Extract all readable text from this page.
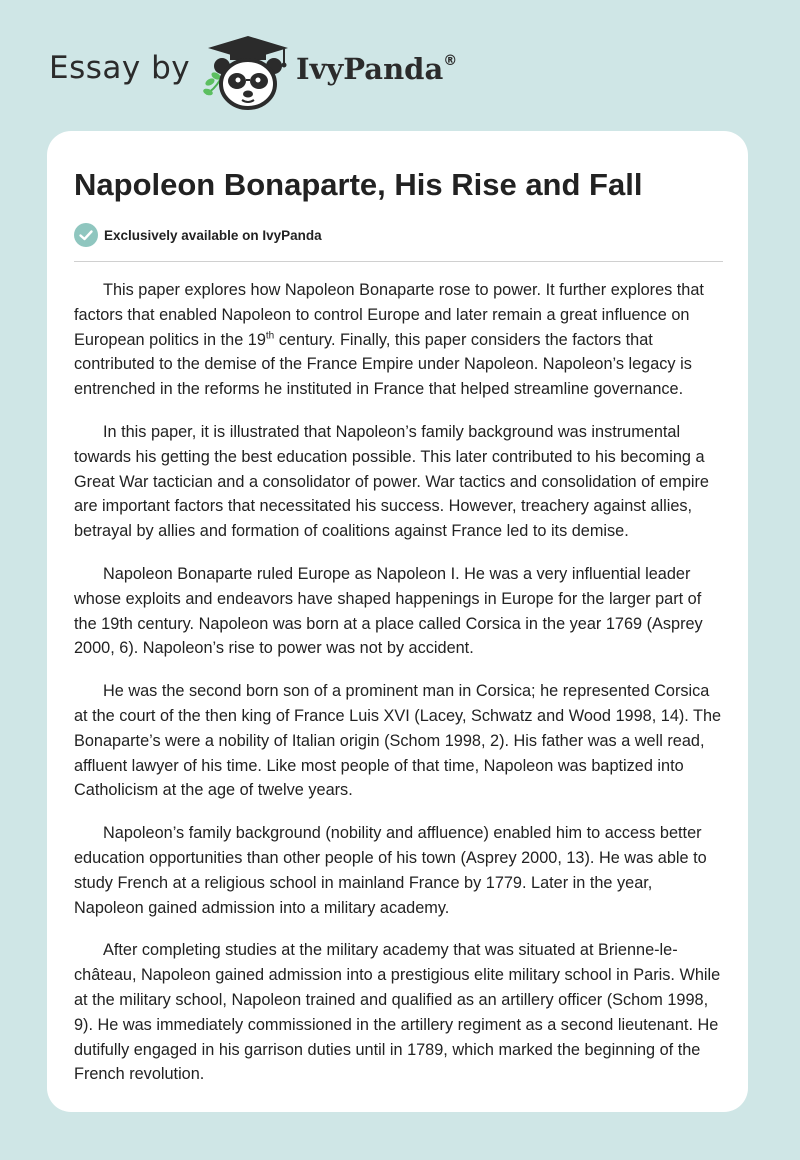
Essay by	IvyPanda®
Napoleon Bonaparte, His Rise and Fall
Exclusively available on IvyPanda

This paper explores how Napoleon Bonaparte rose to power. It further explores that factors that enabled Napoleon to control Europe and later remain a great influence on European politics in the 19th century. Finally, this paper considers the factors that contributed to the demise of the France Empire under Napoleon. Napoleon’s legacy is entrenched in the reforms he instituted in France that helped streamline governance.

In this paper, it is illustrated that Napoleon’s family background was instrumental towards his getting the best education possible. This later contributed to his becoming a Great War tactician and a consolidator of power. War tactics and consolidation of empire are important factors that necessitated his success. However, treachery against allies, betrayal by allies and formation of coalitions against France led to its demise.

Napoleon Bonaparte ruled Europe as Napoleon I. He was a very influential leader whose exploits and endeavors have shaped happenings in Europe for the larger part of the 19th century. Napoleon was born at a place called Corsica in the year 1769 (Asprey 2000, 6). Napoleon’s rise to power was not by accident.

He was the second born son of a prominent man in Corsica; he represented Corsica at the court of the then king of France Luis XVI (Lacey, Schwatz and Wood 1998, 14). The Bonaparte’s were a nobility of Italian origin (Schom 1998, 2). His father was a well read, affluent lawyer of his time. Like most people of that time, Napoleon was baptized into Catholicism at the age of twelve years.

Napoleon’s family background (nobility and affluence) enabled him to access better education opportunities than other people of his town (Asprey 2000, 13). He was able to study French at a religious school in mainland France by 1779. Later in the year, Napoleon gained admission into a military academy.

After completing studies at the military academy that was situated at Brienne-le-château, Napoleon gained admission into a prestigious elite military school in Paris. While at the military school, Napoleon trained and qualified as an artillery officer (Schom 1998, 9). He was immediately commissioned in the artillery regiment as a second lieutenant. He dutifully engaged in his garrison duties until in 1789, which marked the beginning of the French revolution.
